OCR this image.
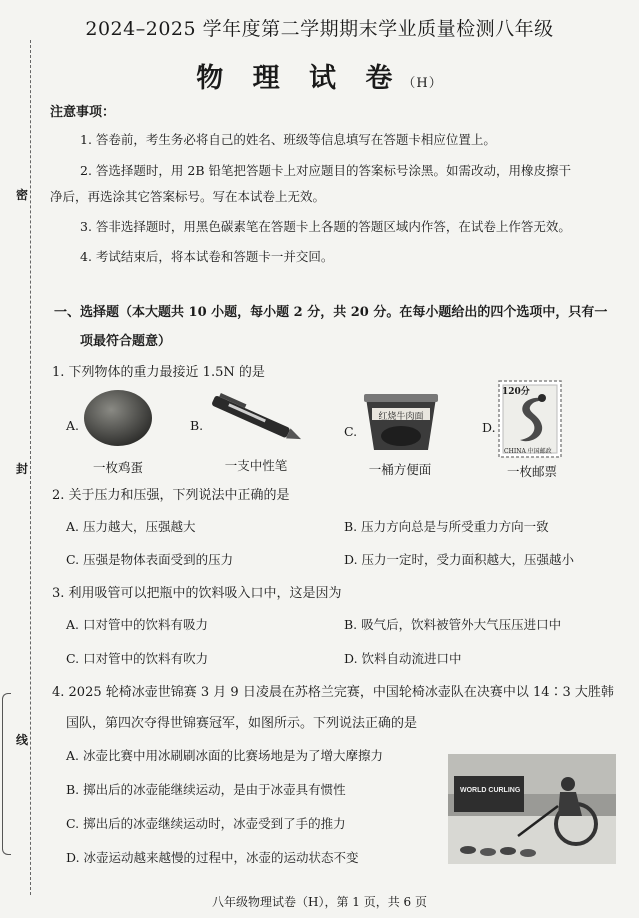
密
封
线
2024–2025 学年度第二学期期末学业质量检测八年级
物 理 试 卷（H）
注意事项：
1. 答卷前，考生务必将自己的姓名、班级等信息填写在答题卡相应位置上。
2. 答选择题时，用 2B 铅笔把答题卡上对应题目的答案标号涂黑。如需改动，用橡皮擦干
净后，再选涂其它答案标号。写在本试卷上无效。
3. 答非选择题时，用黑色碳素笔在答题卡上各题的答题区域内作答，在试卷上作答无效。
4. 考试结束后，将本试卷和答题卡一并交回。
一、选择题（本大题共 10 小题，每小题 2 分，共 20 分。在每小题给出的四个选项中，只有一
项最符合题意）
1. 下列物体的重力最接近 1.5N 的是
A.
一枚鸡蛋
B.
一支中性笔
C.
红烧牛肉面
一桶方便面
D.
120分
CHINA 中国邮政
一枚邮票
2. 关于压力和压强，下列说法中正确的是
A. 压力越大，压强越大	B. 压力方向总是与所受重力方向一致
C. 压强是物体表面受到的压力	D. 压力一定时，受力面积越大，压强越小
3. 利用吸管可以把瓶中的饮料吸入口中，这是因为
A. 口对管中的饮料有吸力	B. 吸气后，饮料被管外大气压压进口中
C. 口对管中的饮料有吹力	D. 饮料自动流进口中
4. 2025 轮椅冰壶世锦赛 3 月 9 日凌晨在苏格兰完赛，中国轮椅冰壶队在决赛中以 14∶3 大胜韩
国队，第四次夺得世锦赛冠军，如图所示。下列说法正确的是
A. 冰壶比赛中用冰刷刷冰面的比赛场地是为了增大摩擦力
B. 掷出后的冰壶能继续运动，是由于冰壶具有惯性
C. 掷出后的冰壶继续运动时，冰壶受到了手的推力
D. 冰壶运动越来越慢的过程中，冰壶的运动状态不变
WORLD CURLING
八年级物理试卷（H），第 1 页，共 6 页
